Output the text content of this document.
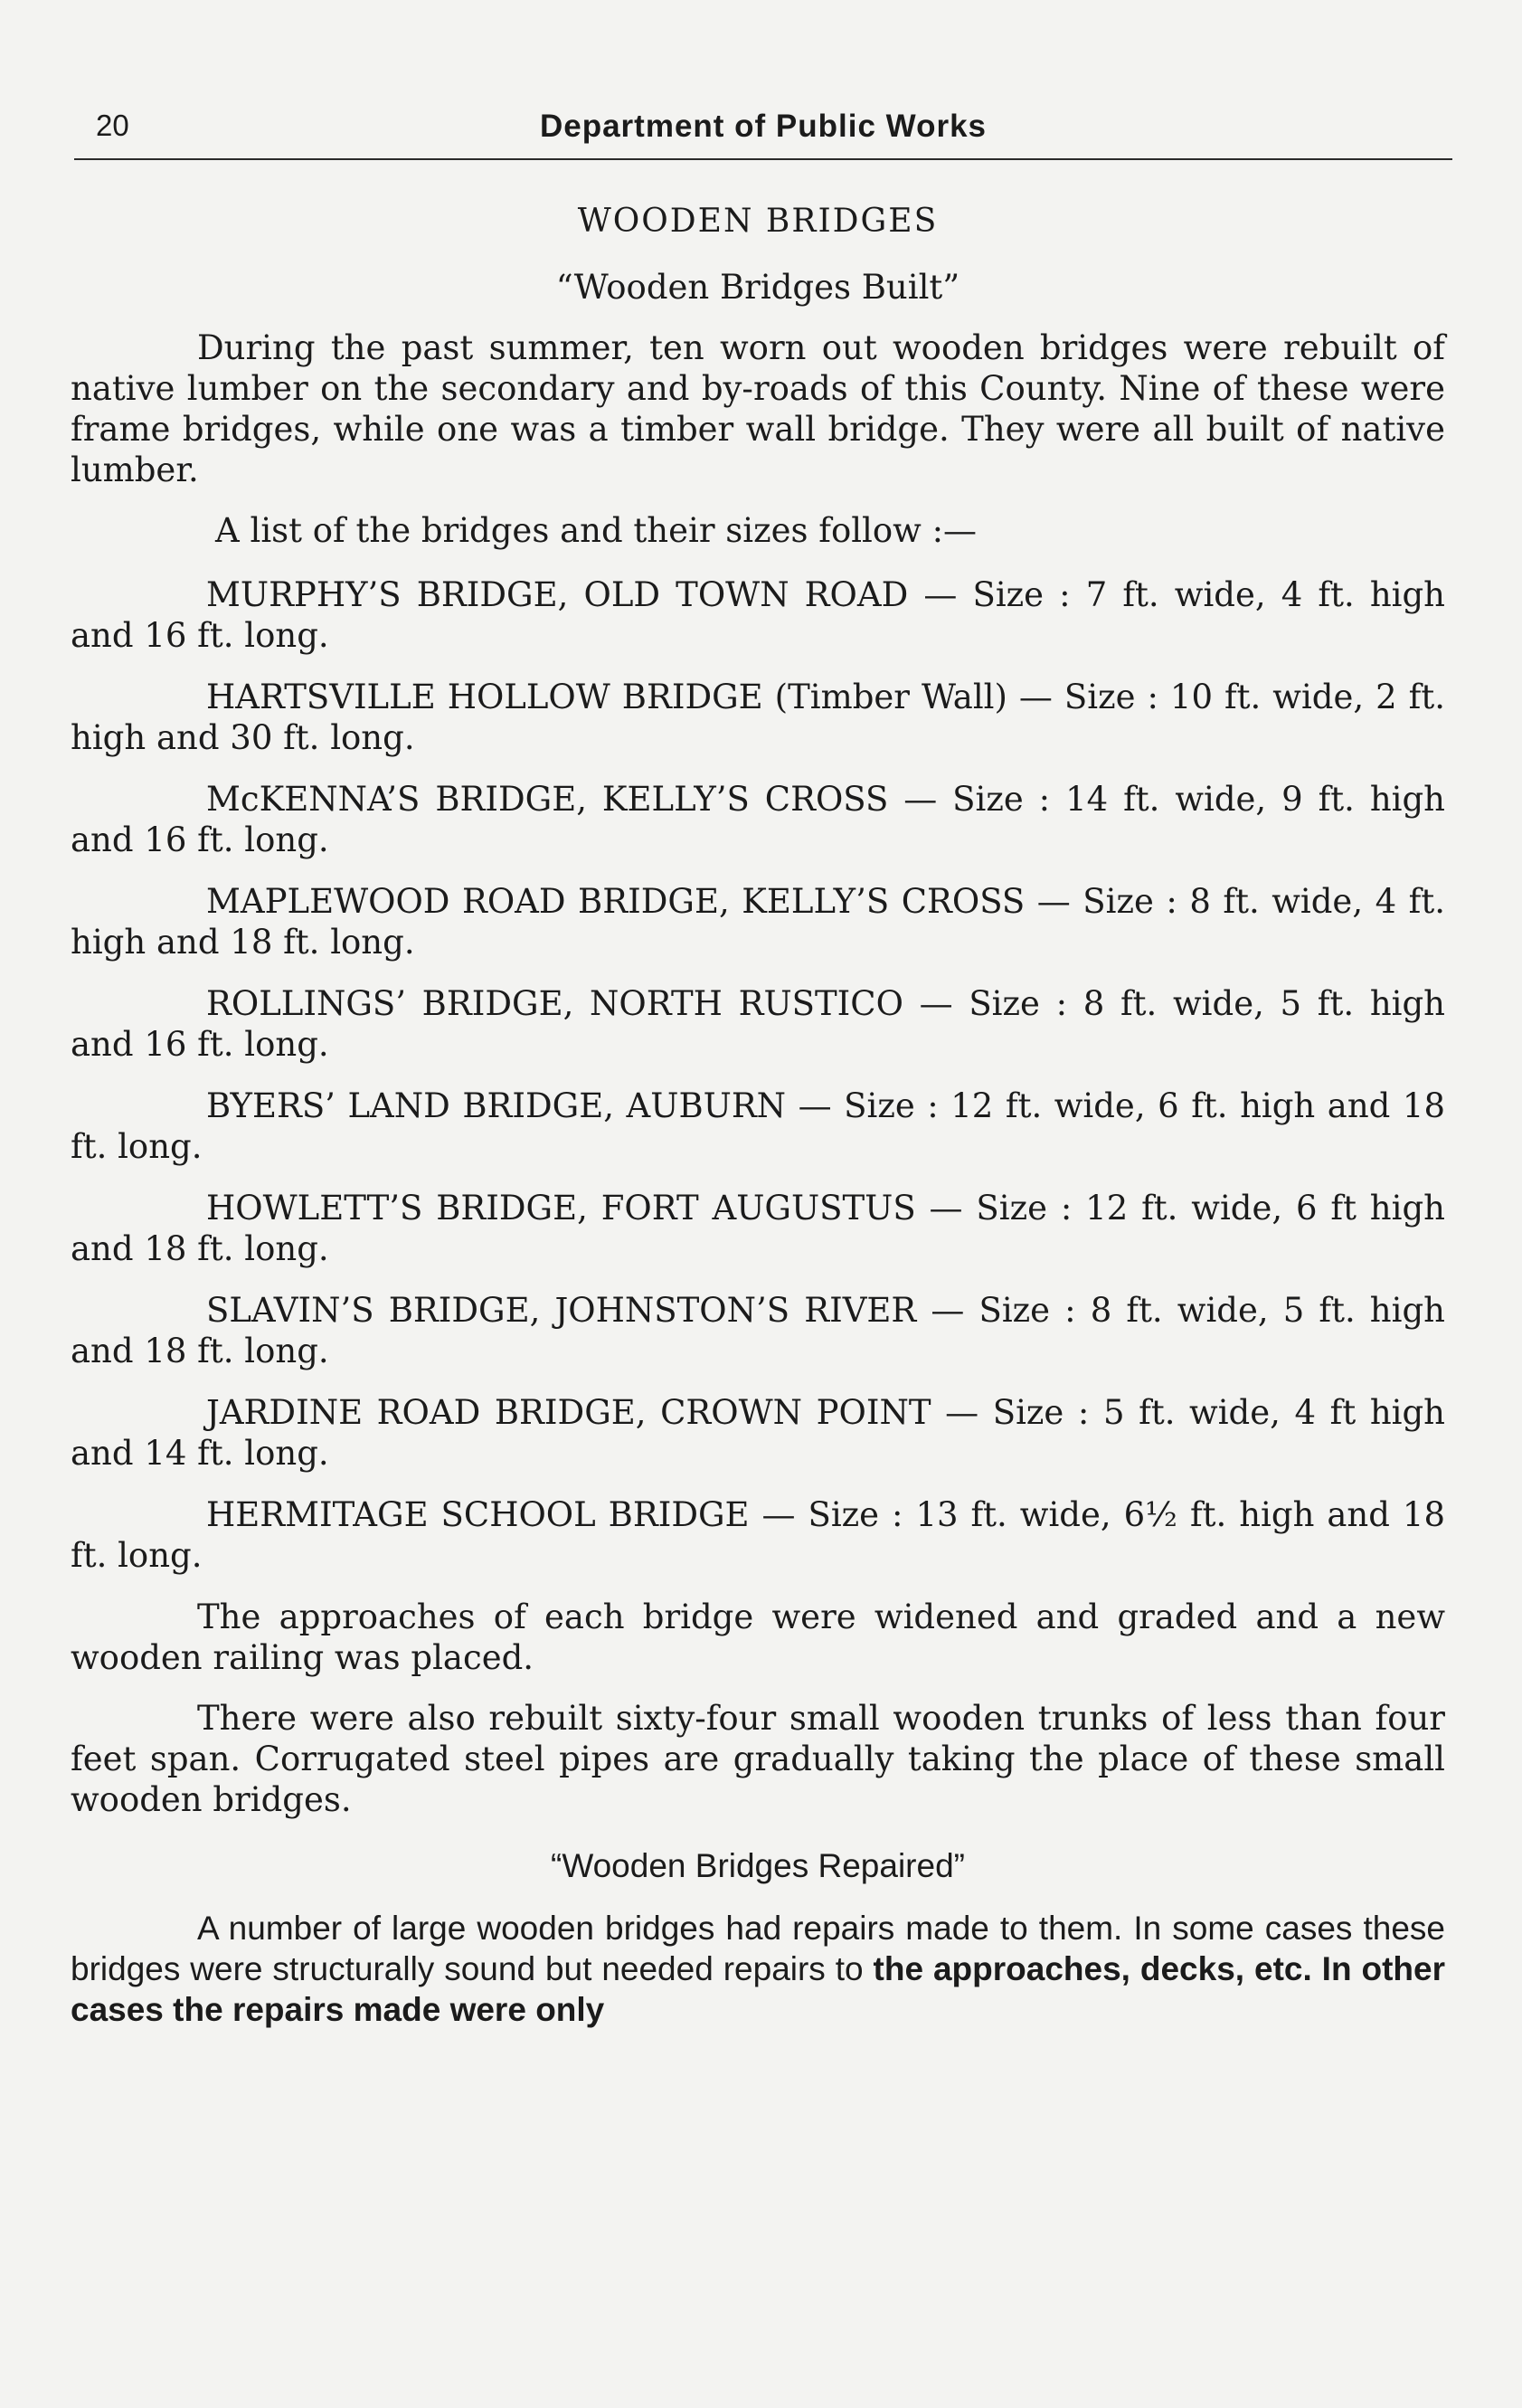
20	Department of Public Works

WOODEN BRIDGES

“Wooden Bridges Built”

During the past summer, ten worn out wooden bridges were rebuilt of native lumber on the secondary and by-roads of this County. Nine of these were frame bridges, while one was a timber wall bridge. They were all built of native lumber.

A list of the bridges and their sizes follow :—

MURPHY’S BRIDGE, OLD TOWN ROAD — Size : 7 ft. wide, 4 ft. high and 16 ft. long.

HARTSVILLE HOLLOW BRIDGE (Timber Wall) — Size : 10 ft. wide, 2 ft. high and 30 ft. long.

McKENNA’S BRIDGE, KELLY’S CROSS — Size : 14 ft. wide, 9 ft. high and 16 ft. long.

MAPLEWOOD ROAD BRIDGE, KELLY’S CROSS — Size : 8 ft. wide, 4 ft. high and 18 ft. long.

ROLLINGS’ BRIDGE, NORTH RUSTICO — Size : 8 ft. wide, 5 ft. high and 16 ft. long.

BYERS’ LAND BRIDGE, AUBURN — Size : 12 ft. wide, 6 ft. high and 18 ft. long.

HOWLETT’S BRIDGE, FORT AUGUSTUS — Size : 12 ft. wide, 6 ft high and 18 ft. long.

SLAVIN’S BRIDGE, JOHNSTON’S RIVER — Size : 8 ft. wide, 5 ft. high and 18 ft. long.

JARDINE ROAD BRIDGE, CROWN POINT — Size : 5 ft. wide, 4 ft high and 14 ft. long.

HERMITAGE SCHOOL BRIDGE — Size : 13 ft. wide, 6½ ft. high and 18 ft. long.

The approaches of each bridge were widened and graded and a new wooden railing was placed.

There were also rebuilt sixty-four small wooden trunks of less than four feet span. Corrugated steel pipes are gradually taking the place of these small wooden bridges.

“Wooden Bridges Repaired”

A number of large wooden bridges had repairs made to them. In some cases these bridges were structurally sound but needed repairs to the approaches, decks, etc. In other cases the repairs made were only
